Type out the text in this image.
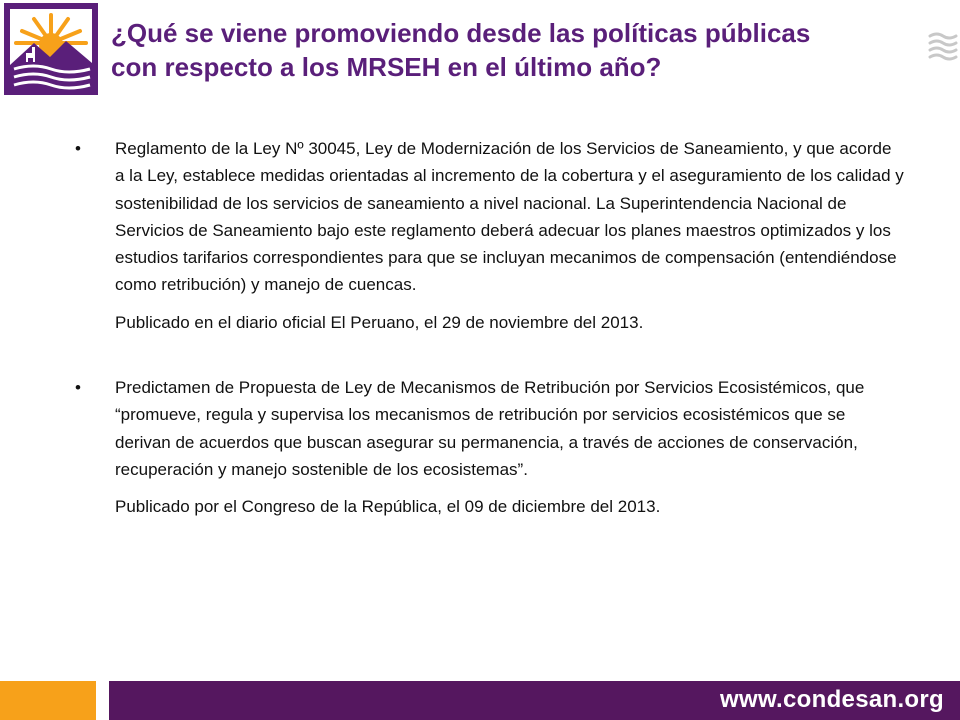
¿Qué se viene promoviendo desde las políticas públicas
con respecto a los MRSEH en el último año?
• Reglamento de la Ley Nº 30045, Ley de Modernización de los Servicios de Saneamiento, y que acorde a la Ley, establece medidas orientadas al incremento de la cobertura y el aseguramiento de los calidad y sostenibilidad de los servicios de saneamiento a nivel nacional. La Superintendencia Nacional de Servicios de Saneamiento bajo este reglamento deberá adecuar los planes maestros optimizados y los estudios tarifarios correspondientes para que se incluyan mecanimos de compensación (entendiéndose como retribución) y manejo de cuencas.
Publicado en el diario oficial El Peruano, el 29 de noviembre del 2013.
• Predictamen de Propuesta de Ley de Mecanismos de Retribución por Servicios Ecosistémicos, que “promueve, regula y supervisa los mecanismos de retribución por servicios ecosistémicos que se derivan de acuerdos que buscan asegurar su permanencia, a través de acciones de conservación, recuperación y manejo sostenible de los ecosistemas”.
Publicado por el Congreso de la República, el 09 de diciembre del 2013.
www.condesan.org
